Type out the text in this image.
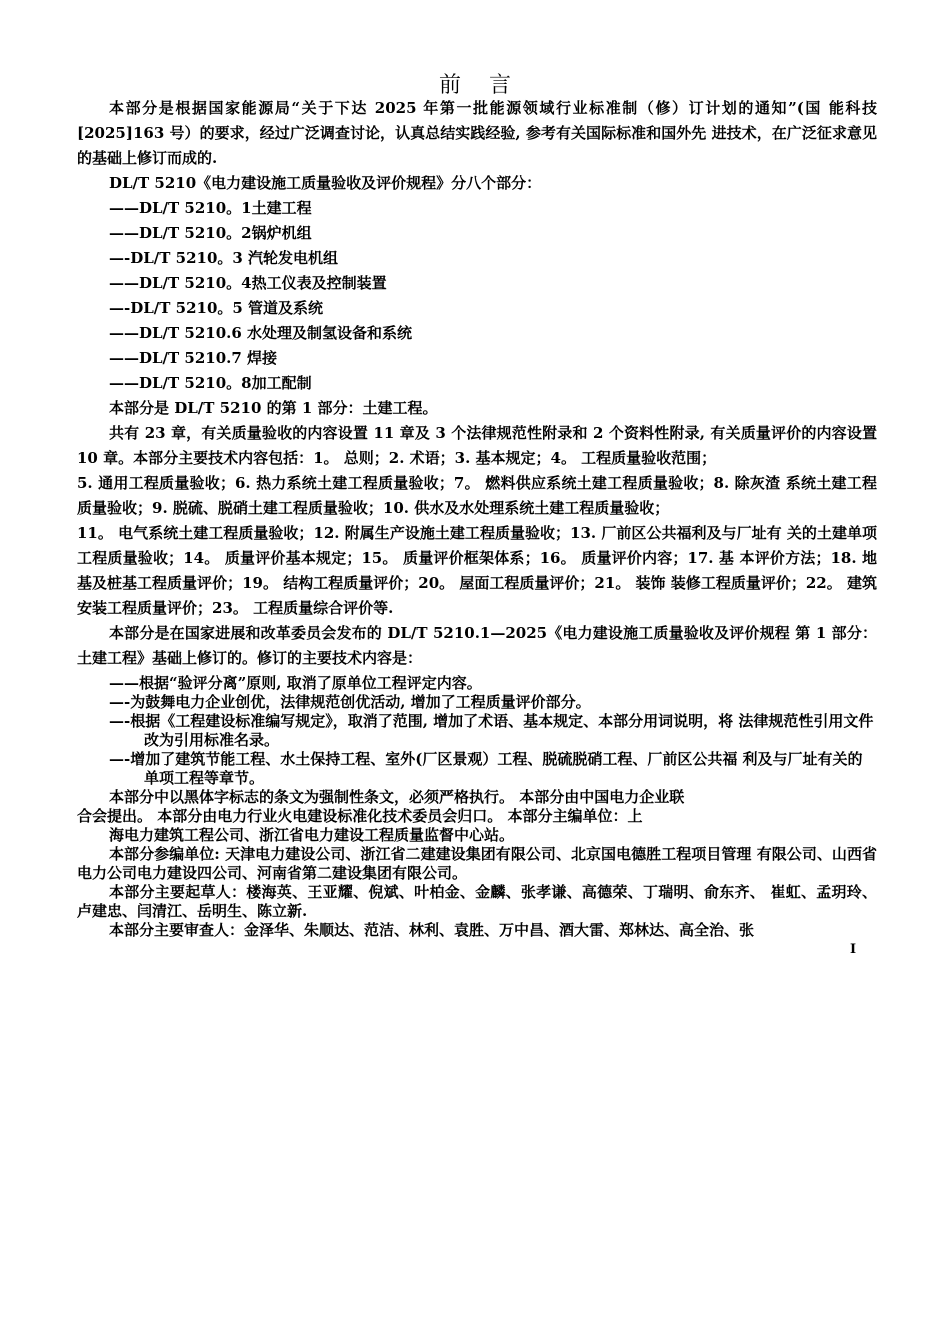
前言

本部分是根据国家能源局“关于下达 2025 年第一批能源领域行业标准制（修）订计划的通知”(国 能科技[2025]163 号）的要求，经过广泛调查讨论，认真总结实践经验, 参考有关国际标准和国外先 进技术，在广泛征求意见的基础上修订而成的.

DL/T 5210《电力建设施工质量验收及评价规程》分八个部分：
——DL/T 5210。1土建工程
——DL/T 5210。2锅炉机组
—-DL/T 5210。3 汽轮发电机组
——DL/T 5210。4热工仪表及控制装置
—-DL/T 5210。5 管道及系统
——DL/T 5210.6 水处理及制氢设备和系统
——DL/T 5210.7 焊接
——DL/T 5210。8加工配制
本部分是 DL/T 5210 的第 1 部分：土建工程。

共有 23 章，有关质量验收的内容设置 11 章及 3 个法律规范性附录和 2 个资料性附录, 有关质量评价的内容设置 10 章。本部分主要技术内容包括：1。 总则；2. 术语；3. 基本规定；4。 工程质量验收范围；

5. 通用工程质量验收；6. 热力系统土建工程质量验收；7。 燃料供应系统土建工程质量验收；8. 除灰渣 系统土建工程质量验收；9. 脱硫、脱硝土建工程质量验收；10. 供水及水处理系统土建工程质量验收；

11。 电气系统土建工程质量验收；12. 附属生产设施土建工程质量验收；13. 厂前区公共福利及与厂址有 关的土建单项工程质量验收；14。 质量评价基本规定；15。 质量评价框架体系；16。 质量评价内容；17. 基 本评价方法；18. 地基及桩基工程质量评价；19。 结构工程质量评价；20。 屋面工程质量评价；21。 装饰 装修工程质量评价；22。 建筑安装工程质量评价；23。 工程质量综合评价等.

本部分是在国家进展和改革委员会发布的 DL/T 5210.1—2025《电力建设施工质量验收及评价规程 第 1 部分：土建工程》基础上修订的。修订的主要技术内容是：

——根据“验评分离”原则, 取消了原单位工程评定内容。
—-为鼓舞电力企业创优，法律规范创优活动, 增加了工程质量评价部分。
—-根据《工程建设标准编写规定》，取消了范围, 增加了术语、基本规定、本部分用词说明，将 法律规范性引用文件改为引用标准名录。
—-增加了建筑节能工程、水土保持工程、室外(厂区景观）工程、脱硫脱硝工程、厂前区公共福 利及与厂址有关的单项工程等章节。
本部分中以黑体字标志的条文为强制性条文，必须严格执行。 本部分由中国电力企业联
合会提出。 本部分由电力行业火电建设标准化技术委员会归口。 本部分主编单位：上
海电力建筑工程公司、浙江省电力建设工程质量监督中心站。

本部分参编单位: 天津电力建设公司、浙江省二建建设集团有限公司、北京国电德胜工程项目管理 有限公司、山西省电力公司电力建设四公司、河南省第二建设集团有限公司。

本部分主要起草人：楼海英、王亚耀、倪斌、叶柏金、金麟、张孝谦、高德荣、丁瑞明、俞东齐、 崔虹、孟玥玲、卢建忠、闫清江、岳明生、陈立新.

本部分主要审查人：金泽华、朱顺达、范洁、林利、袁胜、万中昌、酒大雷、郑林达、高全治、张

I
